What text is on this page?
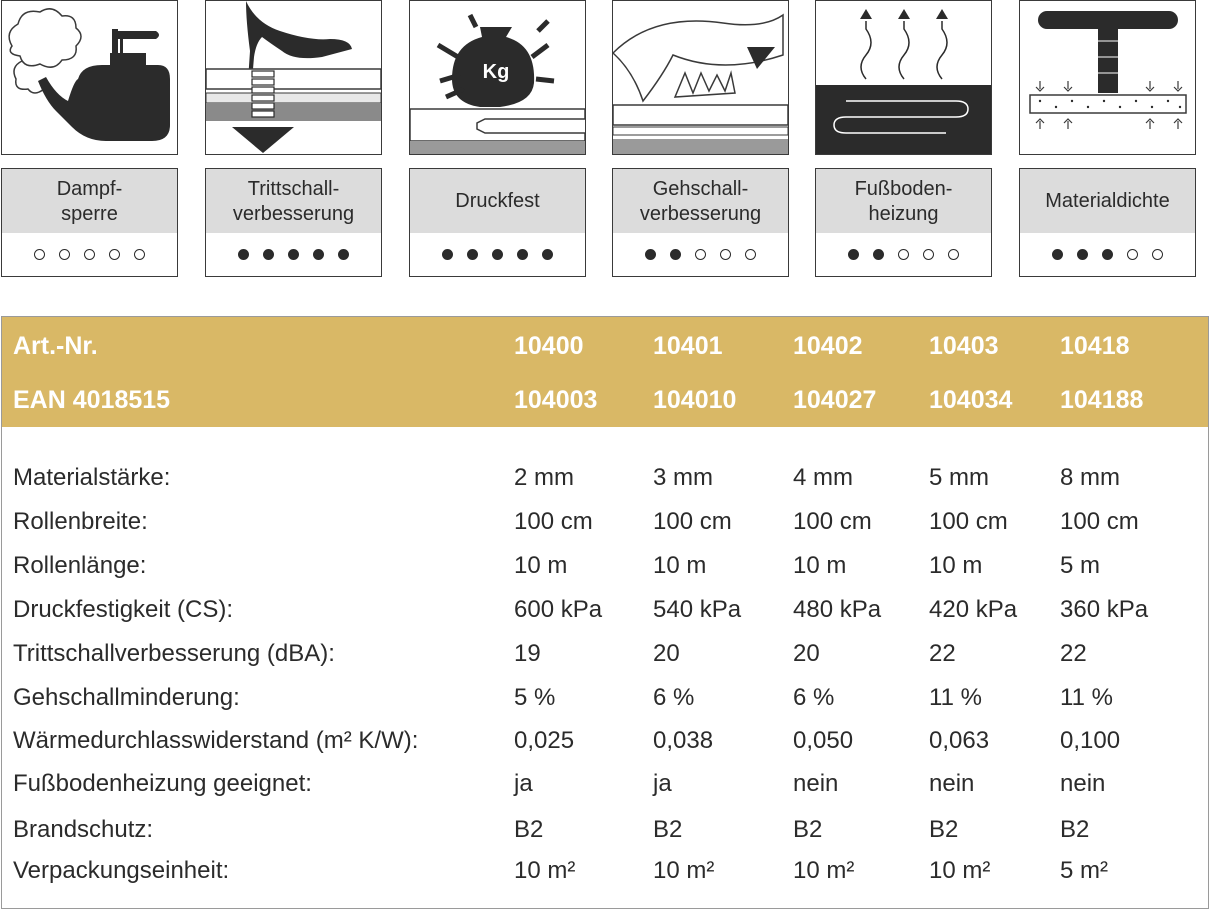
Dampf-
sperre
Trittschall-
verbesserung
Kg
Druckfest
Gehschall-
verbesserung
Fußboden-
heizung
Materialdichte
Art.-Nr.	10400	10401	10402	10403 10418
EAN 4018515	104003 104010 104027 104034 104188
Materialstärke:	2 mm	3 mm	4 mm	5 mm	8 mm
Rollenbreite:	100 cm	100 cm	100 cm 100 cm 100 cm
Rollenlänge:	10 m	10 m	10 m	10 m	5 m
Druckfestigkeit (CS):	600 kPa 540 kPa 480 kPa 420 kPa 360 kPa
Trittschallverbesserung (dBA):	19	20	20	22	22
Gehschallminderung:	5 %	6 %	6 %	11 %	11 %
Wärmedurchlasswiderstand (m² K/W):	0,025	0,038	0,050	0,063	0,100
Fußbodenheizung geeignet:	ja	ja	nein	nein	nein
Brandschutz:	B2	B2	B2	B2	B2
Verpackungseinheit:	10 m²	10 m²	10 m²	10 m²	5 m²
